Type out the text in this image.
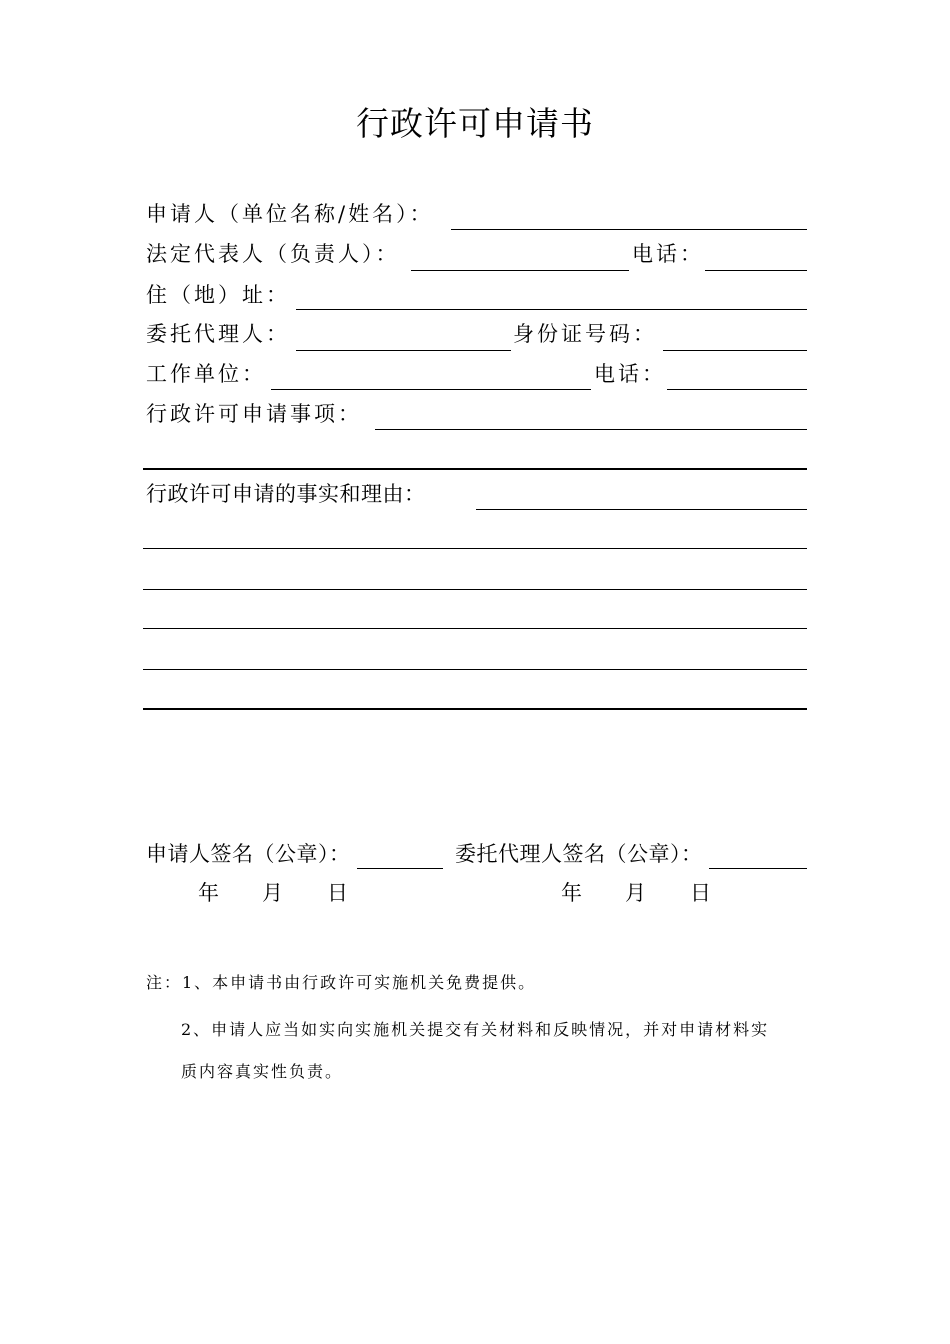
行政许可申请书
申请人（单位名称/姓名）：
法定代表人（负责人）：	电话：
住（地）址：
委托代理人：	身份证号码：
工作单位：	电话：
行政许可申请事项：
行政许可申请的事实和理由：
申请人签名（公章）：	委托代理人签名（公章）：
年 月 日	年 月 日
注：1、本申请书由行政许可实施机关免费提供。
2、申请人应当如实向实施机关提交有关材料和反映情况，并对申请材料实
质内容真实性负责。
